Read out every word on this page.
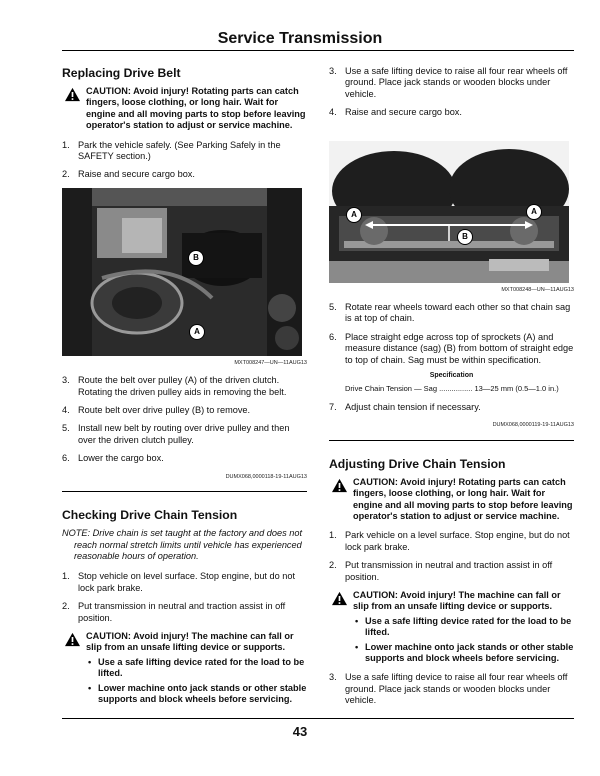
Service Transmission
Replacing Drive Belt
CAUTION: Avoid injury! Rotating parts can catch fingers, loose clothing, or long hair. Wait for engine and all moving parts to stop before leaving operator's station to adjust or service machine.
1. Park the vehicle safely. (See Parking Safely in the SAFETY section.)
2. Raise and secure cargo box.
B
A
MXT008247—UN—11AUG13
3. Route the belt over pulley (A) of the driven clutch. Rotating the driven pulley aids in removing the belt.
4. Route belt over drive pulley (B) to remove.
5. Install new belt by routing over drive pulley and then over the driven clutch pulley.
6. Lower the cargo box.
DUMX068,0000118-19-11AUG13
Checking Drive Chain Tension
NOTE: Drive chain is set taught at the factory and does not reach normal stretch limits until vehicle has experienced reasonable hours of operation.
1. Stop vehicle on level surface. Stop engine, but do not lock park brake.
2. Put transmission in neutral and traction assist in off position.
CAUTION: Avoid injury! The machine can fall or slip from an unsafe lifting device or supports.
• Use a safe lifting device rated for the load to be lifted.
• Lower machine onto jack stands or other stable supports and block wheels before servicing.
3. Use a safe lifting device to raise all four rear wheels off ground. Place jack stands or wooden blocks under vehicle.
4. Raise and secure cargo box.
A	A
B
MXT008248—UN—11AUG13
5. Rotate rear wheels toward each other so that chain sag is at top of chain.
6. Place straight edge across top of sprockets (A) and measure distance (sag) (B) from bottom of straight edge to top of chain. Sag must be within specification.
Specification
Drive Chain Tension — Sag ................ 13—25 mm (0.5—1.0 in.)
7. Adjust chain tension if necessary.
DUMX068,0000119-19-11AUG13
Adjusting Drive Chain Tension
CAUTION: Avoid injury! Rotating parts can catch fingers, loose clothing, or long hair. Wait for engine and all moving parts to stop before leaving operator's station to adjust or service machine.
1. Park vehicle on a level surface. Stop engine, but do not lock park brake.
2. Put transmission in neutral and traction assist in off position.
CAUTION: Avoid injury! The machine can fall or slip from an unsafe lifting device or supports.
• Use a safe lifting device rated for the load to be lifted.
• Lower machine onto jack stands or other stable supports and block wheels before servicing.
3. Use a safe lifting device to raise all four rear wheels off ground. Place jack stands or wooden blocks under vehicle.
43
